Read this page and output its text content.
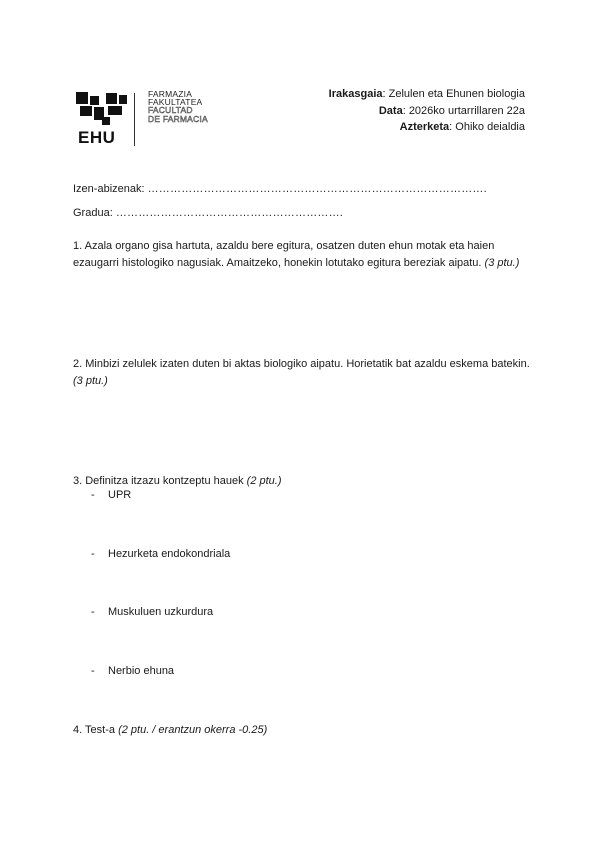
EHU
FARMAZIA
FAKULTATEA
FACULTAD
DE FARMACIA
Irakasgaia: Zelulen eta Ehunen biologia
Data: 2026ko urtarrillaren 22a
Azterketa: Ohiko deialdia
Izen-abizenak: ……………………………………………………………………………….
Gradua: …………………………………………………….
1. Azala organo gisa hartuta, azaldu bere egitura, osatzen duten ehun motak eta haien ezaugarri histologiko nagusiak. Amaitzeko, honekin lotutako egitura bereziak aipatu. (3 ptu.)
2. Minbizi zelulek izaten duten bi aktas biologiko aipatu. Horietatik bat azaldu eskema batekin. (3 ptu.)
3. Definitza itzazu kontzeptu hauek (2 ptu.)
- UPR
- Hezurketa endokondriala
- Muskuluen uzkurdura
- Nerbio ehuna
4. Test-a (2 ptu. / erantzun okerra -0.25)
